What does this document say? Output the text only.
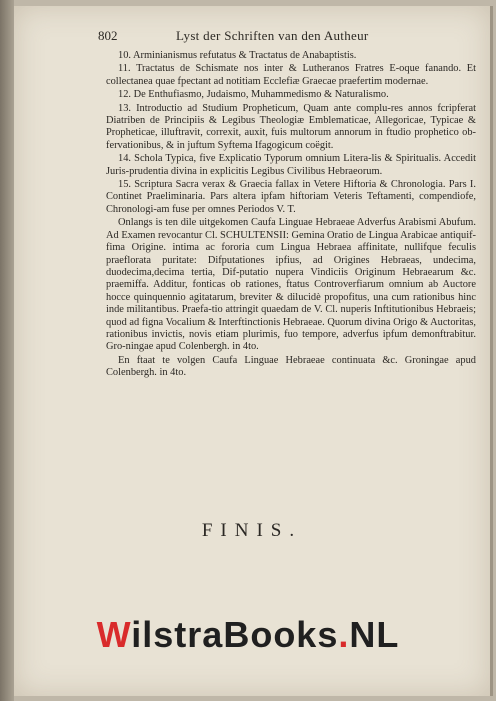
802	Lyst der Schriften van den Autheur

10. Arminianismus refutatus & Tractatus de Anabaptistis.

11. Tractatus de Schismate nos inter & Lutheranos Fratres E-oque fanando. Et collectanea quae fpectant ad notitiam Ecclefiæ Graecae praefertim modernae.

12. De Enthufiasmo, Judaismo, Muhammedismo & Naturalismo.

13. Introductio ad Studium Propheticum, Quam ante complu-res annos fcripferat Diatriben de Principiis & Legibus Theologiæ Emblematicae, Allegoricae, Typicae & Propheticae, illuftravit, correxit, auxit, fuis multorum annorum in ftudio prophetico ob-fervationibus, & in juftum Syftema Ifagogicum coëgit.

14. Schola Typica, five Explicatio Typorum omnium Litera-lis & Spiritualis. Accedit Juris-prudentia divina in explicitis Legibus Civilibus Hebraeorum.

15. Scriptura Sacra verax & Graecia fallax in Vetere Hiftoria & Chronologia. Pars I. Continet Praeliminaria. Pars altera ipfam hiftoriam Veteris Teftamenti, compendiofe, Chronologi-am fuse per omnes Periodos V. T.

Onlangs is ten dile uitgekomen Caufa Linguae Hebraeae Adverfus Arabismi Abufum. Ad Examen revocantur Cl. SCHULTENSII: Gemina Oratio de Lingua Arabicae antiquif-fima Origine. intima ac fororia cum Lingua Hebraea affinitate, nullifque feculis praeflorata puritate: Difputationes ipfius, ad Origines Hebraeas, undecima, duodecima,decima tertia, Dif-putatio nupera Vindiciis Originum Hebraearum &c. praemiffa. Additur, fonticas ob rationes, ftatus Controverfiarum omnium ab Auctore hocce quinquennio agitatarum, breviter & dilucidè propofitus, una cum rationibus hinc inde militantibus. Praefa-tio attringit quaedam de V. Cl. nuperis Inftitutionibus Hebraeis; quod ad figna Vocalium & Interftinctionis Hebraeae. Quorum divina Origo & Auctoritas, rationibus invictis, novis etiam plurimis, fuo tempore, adverfus ipfum demonftrabitur. Gro-ningae apud Colenbergh. in 4to.

En ftaat te volgen Caufa Linguae Hebraeae continuata &c. Groningae apud Colenbergh. in 4to.

FINIS.
WilstraBooks.NL
